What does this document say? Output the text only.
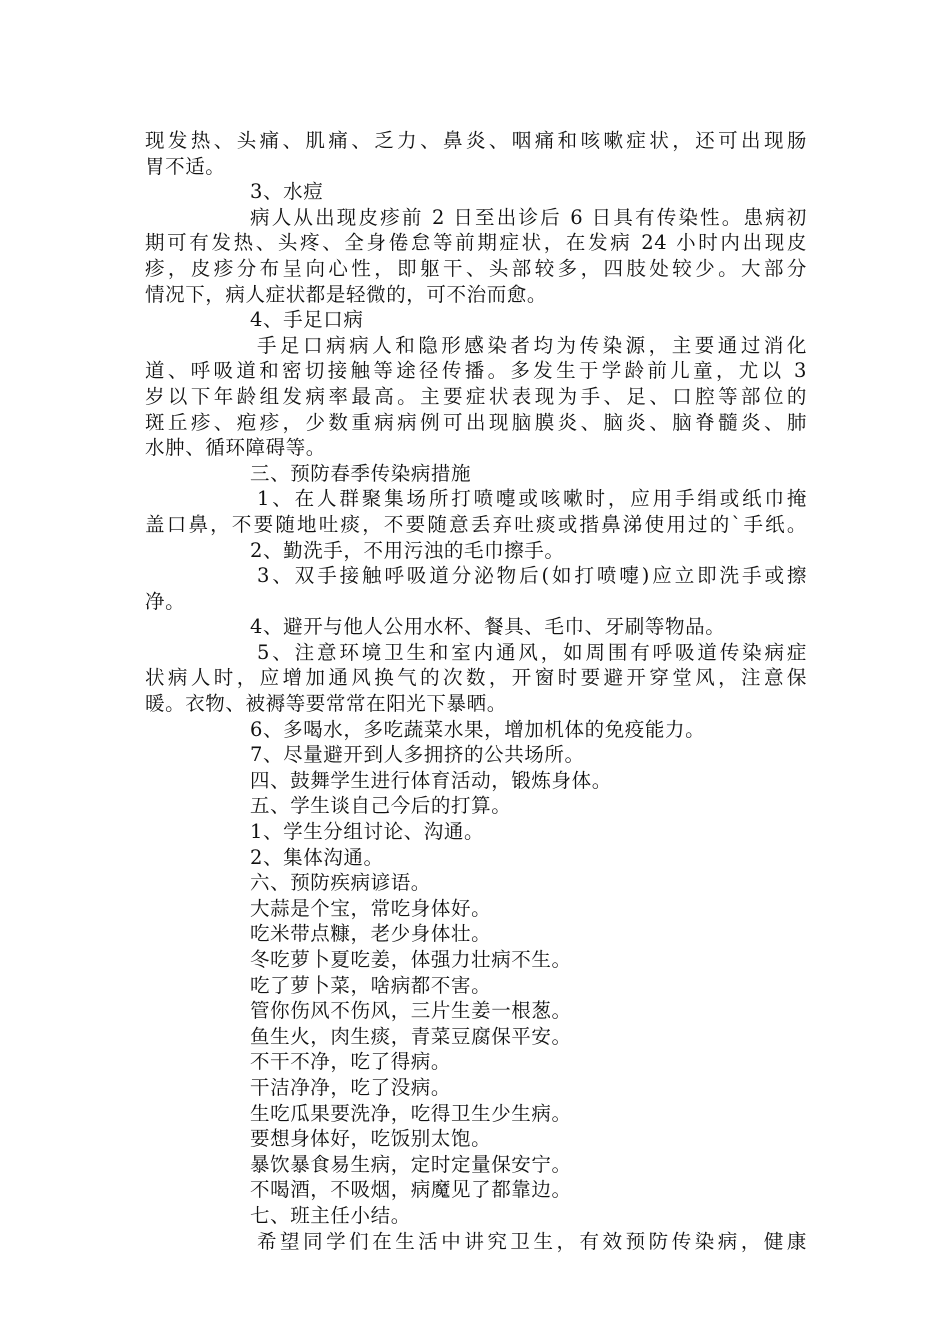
现发热、头痛、肌痛、乏力、鼻炎、咽痛和咳嗽症状，还可出现肠
胃不适。
3、水痘
病人从出现皮疹前 2 日至出诊后 6 日具有传染性。患病初
期可有发热、头疼、全身倦怠等前期症状，在发病 24 小时内出现皮
疹，皮疹分布呈向心性，即躯干、头部较多，四肢处较少。大部分
情况下，病人症状都是轻微的，可不治而愈。
4、手足口病
手足口病病人和隐形感染者均为传染源，主要通过消化
道、呼吸道和密切接触等途径传播。多发生于学龄前儿童，尤以 3
岁以下年龄组发病率最高。主要症状表现为手、足、口腔等部位的
斑丘疹、疱疹，少数重病病例可出现脑膜炎、脑炎、脑脊髓炎、肺
水肿、循环障碍等。
三、预防春季传染病措施
1、在人群聚集场所打喷嚏或咳嗽时，应用手绢或纸巾掩
盖口鼻，不要随地吐痰，不要随意丢弃吐痰或揩鼻涕使用过的`手纸。
2、勤洗手，不用污浊的毛巾擦手。
3、双手接触呼吸道分泌物后(如打喷嚏)应立即洗手或擦
净。
4、避开与他人公用水杯、餐具、毛巾、牙刷等物品。
5、注意环境卫生和室内通风，如周围有呼吸道传染病症
状病人时，应增加通风换气的次数，开窗时要避开穿堂风，注意保
暖。衣物、被褥等要常常在阳光下暴晒。
6、多喝水，多吃蔬菜水果，增加机体的免疫能力。
7、尽量避开到人多拥挤的公共场所。
四、鼓舞学生进行体育活动，锻炼身体。
五、学生谈自己今后的打算。
1、学生分组讨论、沟通。
2、集体沟通。
六、预防疾病谚语。
大蒜是个宝，常吃身体好。
吃米带点糠，老少身体壮。
冬吃萝卜夏吃姜，体强力壮病不生。
吃了萝卜菜，啥病都不害。
管你伤风不伤风，三片生姜一根葱。
鱼生火，肉生痰，青菜豆腐保平安。
不干不净，吃了得病。
干洁净净，吃了没病。
生吃瓜果要洗净，吃得卫生少生病。
要想身体好，吃饭别太饱。
暴饮暴食易生病，定时定量保安宁。
不喝酒，不吸烟，病魔见了都靠边。
七、班主任小结。
希望同学们在生活中讲究卫生，有效预防传染病，健康
